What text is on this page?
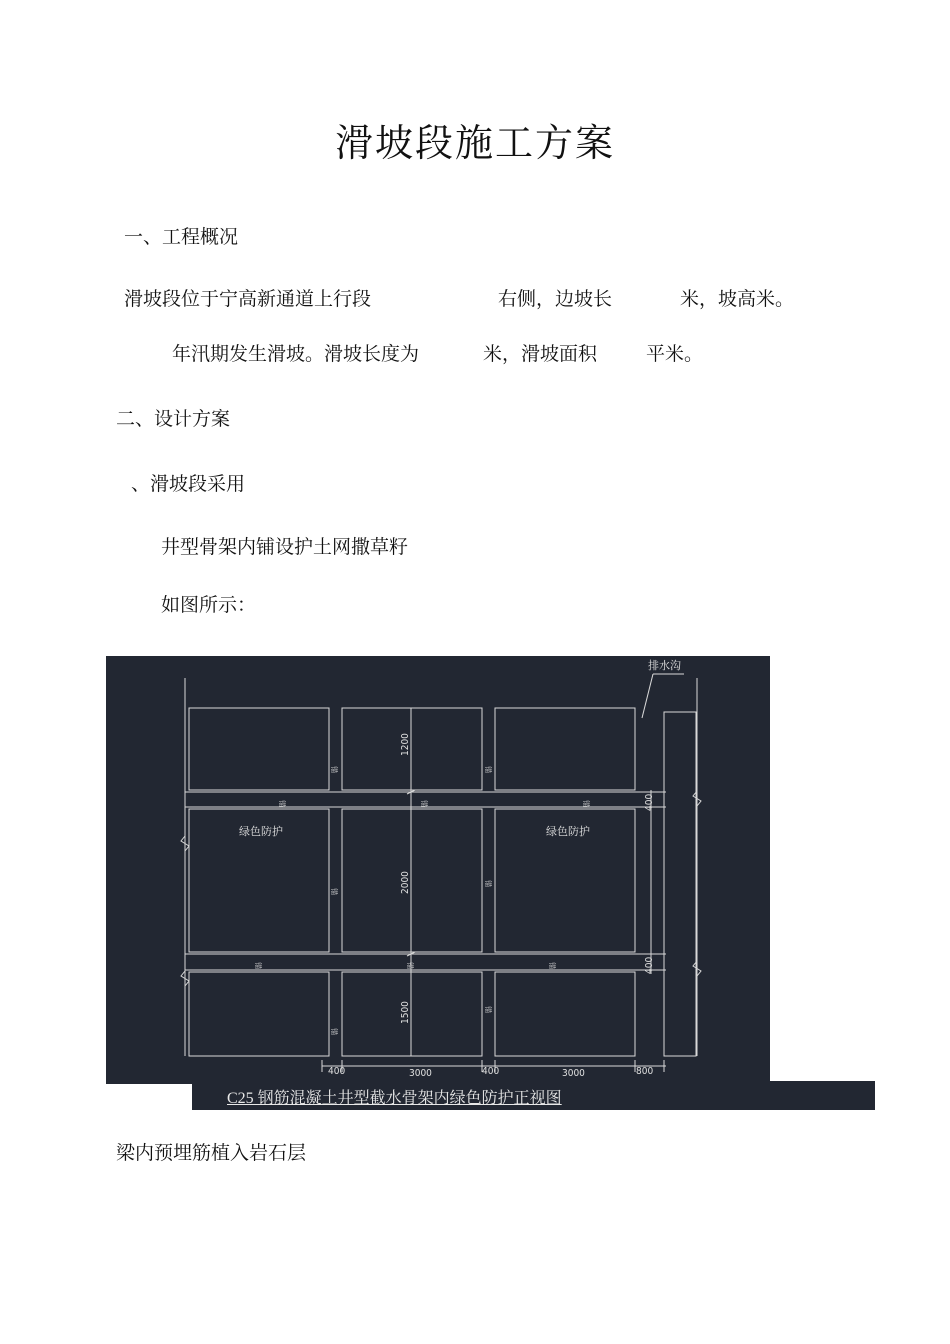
滑坡段施工方案
一、工程概况
滑坡段位于宁高新通道上行段	右侧，边坡长	米，坡高米。
年汛期发生滑坡。滑坡长度为	米，滑坡面积	平米。
二、设计方案
、滑坡段采用
井型骨架内铺设护土网撒草籽
如图所示：
锚	锚
锚
锚
锚
锚
锚	锚	锚
锚	锚	锚
排水沟
绿色防护	绿色防护
1200
2000
1500
400
400
400	3000	400	3000	800
C25 钢筋混凝土井型截水骨架内绿色防护正视图
梁内预埋筋植入岩石层
